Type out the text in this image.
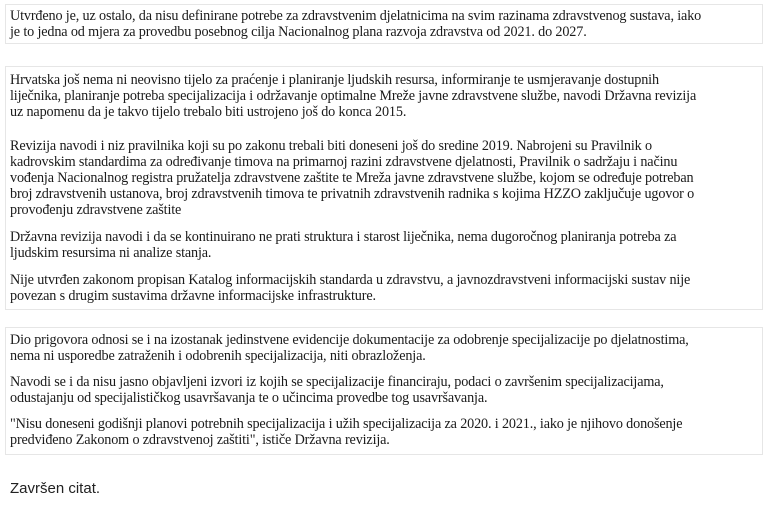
Utvrđeno je, uz ostalo, da nisu definirane potrebe za zdravstvenim djelatnicima na svim razinama zdravstvenog sustava, iako
je to jedna od mjera za provedbu posebnog cilja Nacionalnog plana razvoja zdravstva od 2021. do 2027.

Hrvatska još nema ni neovisno tijelo za praćenje i planiranje ljudskih resursa, informiranje te usmjeravanje dostupnih
liječnika, planiranje potreba specijalizacija i održavanje optimalne Mreže javne zdravstvene službe, navodi Državna revizija
uz napomenu da je takvo tijelo trebalo biti ustrojeno još do konca 2015.

Revizija navodi i niz pravilnika koji su po zakonu trebali biti doneseni još do sredine 2019. Nabrojeni su Pravilnik o
kadrovskim standardima za određivanje timova na primarnoj razini zdravstvene djelatnosti, Pravilnik o sadržaju i načinu
vođenja Nacionalnog registra pružatelja zdravstvene zaštite te Mreža javne zdravstvene službe, kojom se određuje potreban
broj zdravstvenih ustanova, broj zdravstvenih timova te privatnih zdravstvenih radnika s kojima HZZO zaključuje ugovor o
provođenju zdravstvene zaštite

Državna revizija navodi i da se kontinuirano ne prati struktura i starost liječnika, nema dugoročnog planiranja potreba za
ljudskim resursima ni analize stanja.

Nije utvrđen zakonom propisan Katalog informacijskih standarda u zdravstvu, a javnozdravstveni informacijski sustav nije
povezan s drugim sustavima državne informacijske infrastrukture.

Dio prigovora odnosi se i na izostanak jedinstvene evidencije dokumentacije za odobrenje specijalizacije po djelatnostima,
nema ni usporedbe zatraženih i odobrenih specijalizacija, niti obrazloženja.

Navodi se i da nisu jasno objavljeni izvori iz kojih se specijalizacije financiraju, podaci o završenim specijalizacijama,
odustajanju od specijalističkog usavršavanja te o učincima provedbe tog usavršavanja.

"Nisu doneseni godišnji planovi potrebnih specijalizacija i užih specijalizacija za 2020. i 2021., iako je njihovo donošenje
predviđeno Zakonom o zdravstvenoj zaštiti", ističe Državna revizija.

Završen citat.
